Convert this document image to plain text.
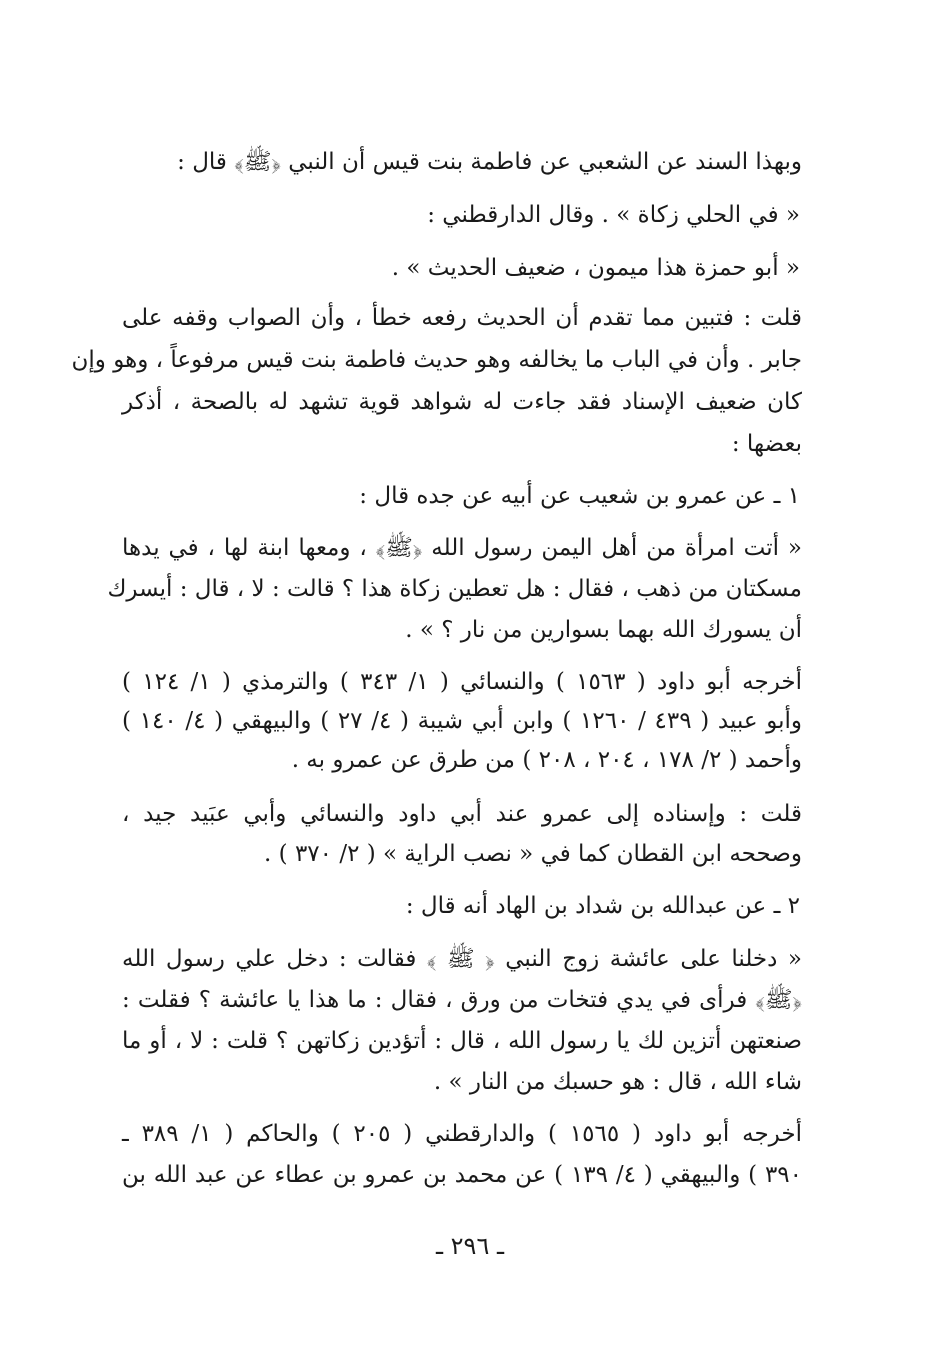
وبهذا السند عن الشعبي عن فاطمة بنت قيس أن النبي ﴿ﷺ﴾ قال :
« في الحلي زكاة » . وقال الدارقطني :
« أبو حمزة هذا ميمون ، ضعيف الحديث » .
قلت : فتبين مما تقدم أن الحديث رفعه خطأ ، وأن الصواب وقفه على
جابر . وأن في الباب ما يخالفه وهو حديث فاطمة بنت قيس مرفوعاً ، وهو وإن
كان ضعيف الإسناد فقد جاءت له شواهد قوية تشهد له بالصحة ، أذكر
بعضها :
١ ـ عن عمرو بن شعيب عن أبيه عن جده قال :
« أتت امرأة من أهل اليمن رسول الله ﴿ﷺ﴾ ، ومعها ابنة لها ، في يدها
مسكتان من ذهب ، فقال : هل تعطين زكاة هذا ؟ قالت : لا ، قال : أيسرك
أن يسورك الله بهما بسوارين من نار ؟ » .
أخرجه أبو داود ( ١٥٦٣ ) والنسائي ( ١/ ٣٤٣ ) والترمذي ( ١/ ١٢٤ )
وأبو عبيد ( ٤٣٩ / ١٢٦٠ ) وابن أبي شيبة ( ٤/ ٢٧ ) والبيهقي ( ٤/ ١٤٠ )
وأحمد ( ٢/ ١٧٨ ، ٢٠٤ ، ٢٠٨ ) من طرق عن عمرو به .
قلت : وإسناده إلى عمرو عند أبي داود والنسائي وأبي عبَيد جيد ،
وصححه ابن القطان كما في « نصب الراية » ( ٢/ ٣٧٠ ) .
٢ ـ عن عبدالله بن شداد بن الهاد أنه قال :
« دخلنا على عائشة زوج النبي ﴿ ﷺ ﴾ فقالت : دخل علي رسول الله
﴿ﷺ﴾ فرأى في يدي فتخات من ورق ، فقال : ما هذا يا عائشة ؟ فقلت :
صنعتهن أتزين لك يا رسول الله ، قال : أتؤدين زكاتهن ؟ قلت : لا ، أو ما
شاء الله ، قال : هو حسبك من النار » .
أخرجه أبو داود ( ١٥٦٥ ) والدارقطني ( ٢٠٥ ) والحاكم ( ١/ ٣٨٩ ـ
٣٩٠ ) والبيهقي ( ٤/ ١٣٩ ) عن محمد بن عمرو بن عطاء عن عبد الله بن
ـ ٢٩٦ ـ
